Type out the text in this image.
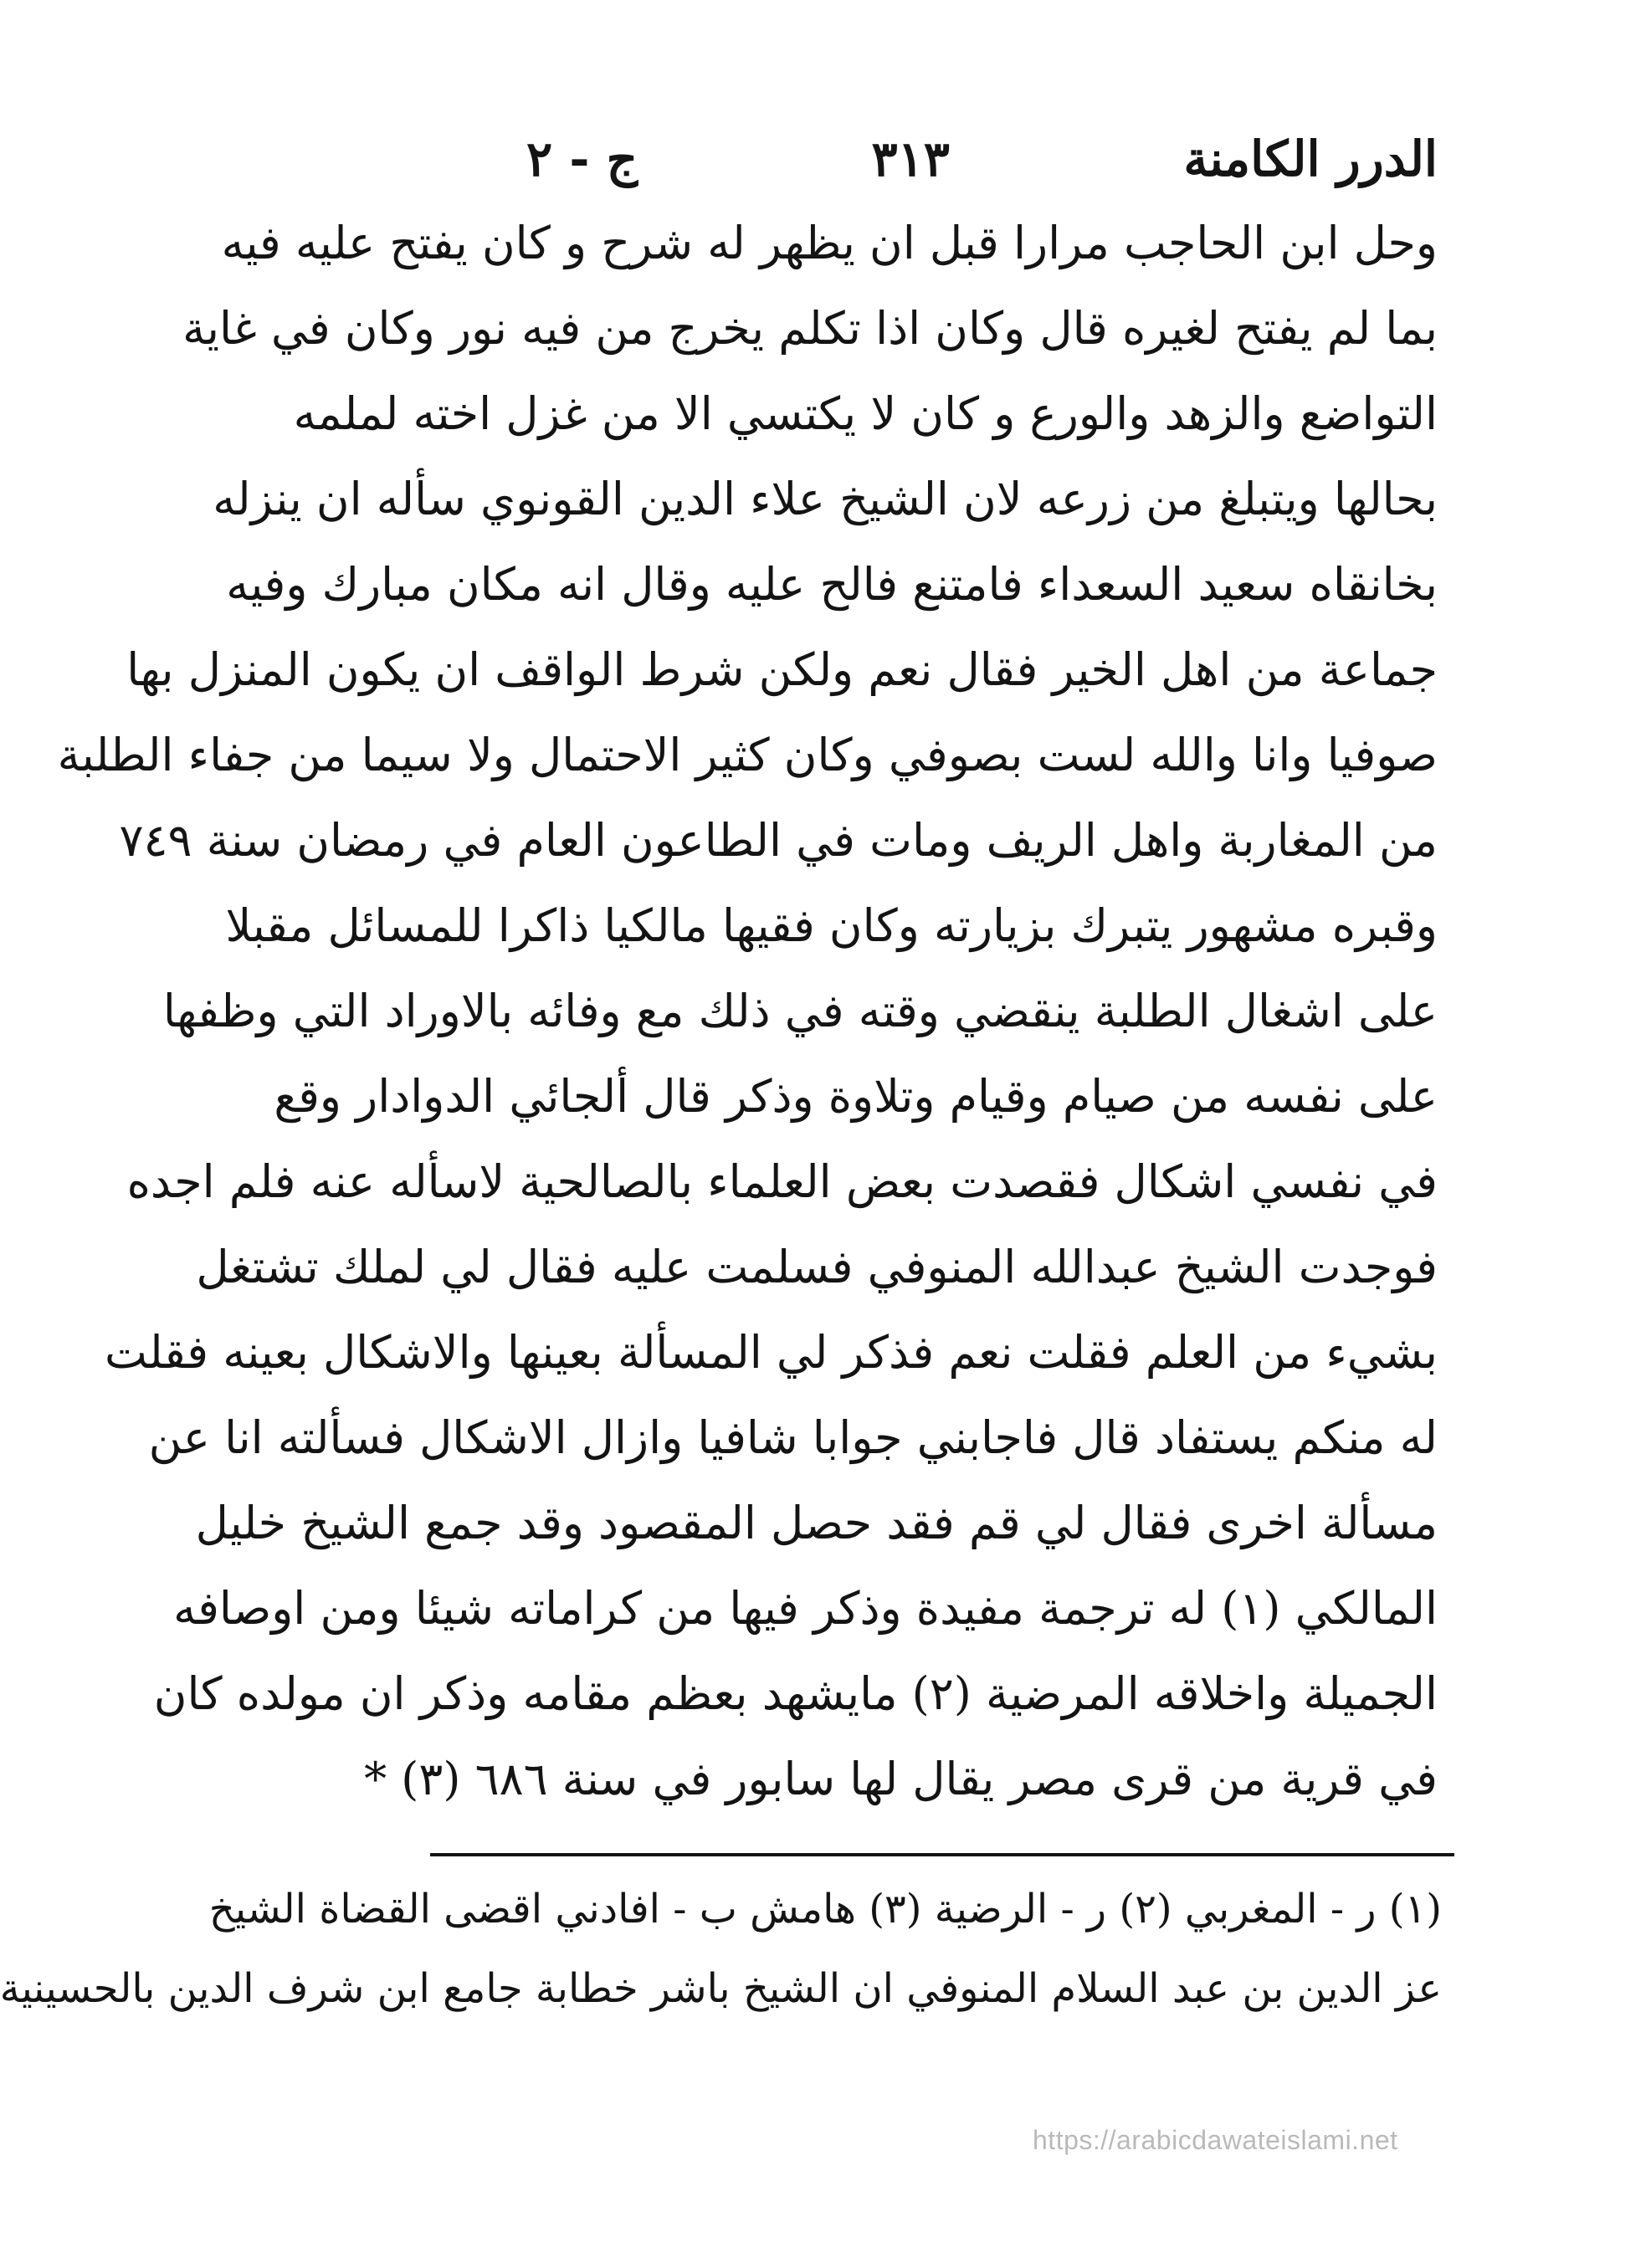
الدرر الكامنة
٣١٣
ج - ٢
وحل ابن الحاجب مرارا قبل ان يظهر له شرح و كان يفتح عليه فيه
بما لم يفتح لغيره قال وكان اذا تكلم يخرج من فيه نور وكان في غاية
التواضع والزهد والورع و كان لا يكتسي الا من غزل اخته لملمه
بحالها ويتبلغ من زرعه لان الشيخ علاء الدين القونوي سأله ان ينزله
بخانقاه سعيد السعداء فامتنع فالح عليه وقال انه مكان مبارك وفيه
جماعة من اهل الخير فقال نعم ولكن شرط الواقف ان يكون المنزل بها
صوفيا وانا والله لست بصوفي وكان كثير الاحتمال ولا سيما من جفاء الطلبة
من المغاربة واهل الريف ومات في الطاعون العام في رمضان سنة ٧٤٩
وقبره مشهور يتبرك بزيارته وكان فقيها مالكيا ذاكرا للمسائل مقبلا
على اشغال الطلبة ينقضي وقته في ذلك مع وفائه بالاوراد التي وظفها
على نفسه من صيام وقيام وتلاوة وذكر قال ألجائي الدوادار وقع
في نفسي اشكال فقصدت بعض العلماء بالصالحية لاسأله عنه فلم اجده
فوجدت الشيخ عبدالله المنوفي فسلمت عليه فقال لي لملك تشتغل
بشيء من العلم فقلت نعم فذكر لي المسألة بعينها والاشكال بعينه فقلت
له منكم يستفاد قال فاجابني جوابا شافيا وازال الاشكال فسألته انا عن
مسألة اخرى فقال لي قم فقد حصل المقصود وقد جمع الشيخ خليل
المالكي (١) له ترجمة مفيدة وذكر فيها من كراماته شيئا ومن اوصافه
الجميلة واخلاقه المرضية (٢) مايشهد بعظم مقامه وذكر ان مولده كان
في قرية من قرى مصر يقال لها سابور في سنة ٦٨٦ (٣) *
(١) ر - المغربي (٢) ر - الرضية (٣) هامش ب - افادني اقضى القضاة الشيخ
عز الدين بن عبد السلام المنوفي ان الشيخ باشر خطابة جامع ابن شرف الدين بالحسينية
https://arabicdawateislami.net
